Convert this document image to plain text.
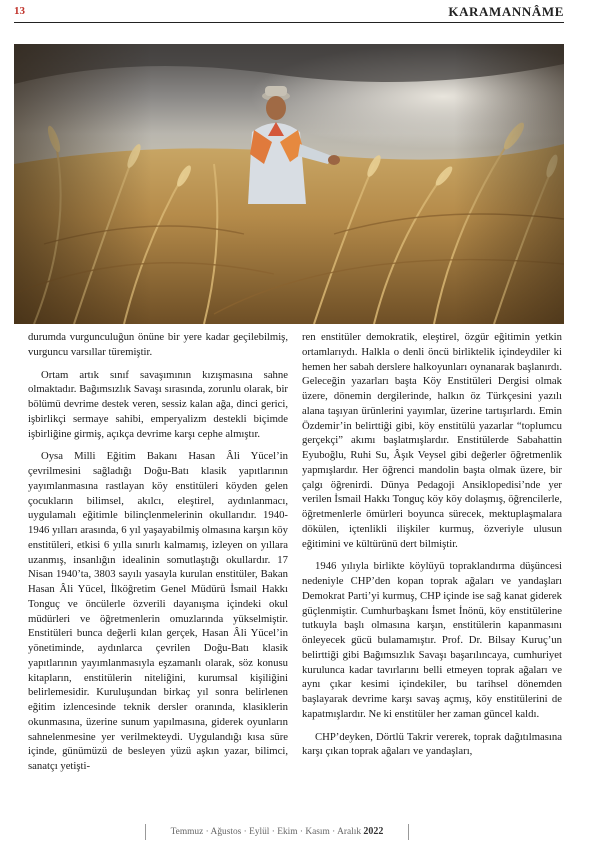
13	KARAMANNÂME

durumda vurgunculuğun önüne bir yere kadar geçilebilmiş, vurguncu varsıllar türemiştir.

Ortam artık sınıf savaşımının kızışmasına sahne olmaktadır. Bağımsızlık Savaşı sırasında, zorunlu olarak, bir bölümü devrime destek veren, sessiz kalan ağa, dinci gerici, işbirlikçi sermaye sahibi, emperyalizm destekli biçimde işbirliğine girmiş, açıkça devrime karşı cephe almıştır.

Oysa Milli Eğitim Bakanı Hasan Âli Yücel’in çevrilmesini sağladığı Doğu-Batı klasik yapıtlarının yayımlanmasına rastlayan köy enstitüleri köyden gelen çocukların bilimsel, akılcı, eleştirel, aydınlanmacı, uygulamalı eğitimle bilinçlenmelerinin okullarıdır. 1940-1946 yılları arasında, 6 yıl yaşayabilmiş olmasına karşın köy enstitüleri, etkisi 6 yılla sınırlı kalmamış, izleyen on yıllara uzanmış, insanlığın idealinin somutlaştığı okullardır. 17 Nisan 1940’ta, 3803 sayılı yasayla kurulan enstitüler, Bakan Hasan Âli Yücel, İlköğretim Genel Müdürü İsmail Hakkı Tonguç ve öncülerle özverili dayanışma içindeki okul müdürleri ve öğretmenlerin omuzlarında yükselmiştir. Enstitüleri bunca değerli kılan gerçek, Hasan Âli Yücel’in yönetiminde, aydınlarca çevrilen Doğu-Batı klasik yapıtlarının yayımlanmasıyla eşzamanlı olarak, söz konusu kitapların, enstitülerin niteliğini, kurumsal kişiliğini belirlemesidir. Kuruluşundan birkaç yıl sonra belirlenen eğitim izlencesinde teknik dersler oranında, klasiklerin okunmasına, üzerine sunum yapılmasına, giderek oyunların sahnelenmesine yer verilmekteydi. Uygulandığı kısa süre içinde, günümüzü de besleyen yüzü aşkın yazar, bilimci, sanatçı yetişti-

ren enstitüler demokratik, eleştirel, özgür eğitimin yetkin ortamlarıydı. Halkla o denli öncü birliktelik içindeydiler ki hemen her sabah derslere halkoyunları oynanarak başlanırdı. Geleceğin yazarları başta Köy Enstitüleri Dergisi olmak üzere, dönemin dergilerinde, halkın öz Türkçesini yazılı alana taşıyan ürünlerini yayımlar, üzerine tartışırlardı. Emin Özdemir’in belirttiği gibi, köy enstitülü yazarlar “toplumcu gerçekçi” akımı başlatmışlardır. Enstitülerde Sabahattin Eyuboğlu, Ruhi Su, Âşık Veysel gibi değerler öğretmenlik yapmışlardır. Her öğrenci mandolin başta olmak üzere, bir çalgı öğrenirdi. Dünya Pedagoji Ansiklopedisi’nde yer verilen İsmail Hakkı Tonguç köy köy dolaşmış, öğrencilerle, öğretmenlerle ömürleri boyunca sürecek, mektuplaşmalara dökülen, içtenlikli ilişkiler kurmuş, özveriyle ulusun eğitimini ve kültürünü dert bilmiştir.

1946 yılıyla birlikte köylüyü topraklandırma düşüncesi nedeniyle CHP’den kopan toprak ağaları ve yandaşları Demokrat Parti’yi kurmuş, CHP içinde ise sağ kanat giderek güçlenmiştir. Cumhurbaşkanı İsmet İnönü, köy enstitülerine tutkuyla başlı olmasına karşın, enstitülerin kapanmasını önleyecek gücü bulamamıştır. Prof. Dr. Bilsay Kuruç’un belirttiği gibi Bağımsızlık Savaşı başarılıncaya, cumhuriyet kurulunca kadar tavırlarını belli etmeyen toprak ağaları ve aynı çıkar kesimi içindekiler, bu tarihsel dönemden başlayarak devrime karşı savaş açmış, köy enstitülerini de kapatmışlardır. Ne ki enstitüler her zaman güncel kaldı.

CHP’deyken, Dörtlü Takrir vererek, toprak dağıtılmasına karşı çıkan toprak ağaları ve yandaşları,

Temmuz · Ağustos · Eylül · Ekim · Kasım · Aralık 2022
